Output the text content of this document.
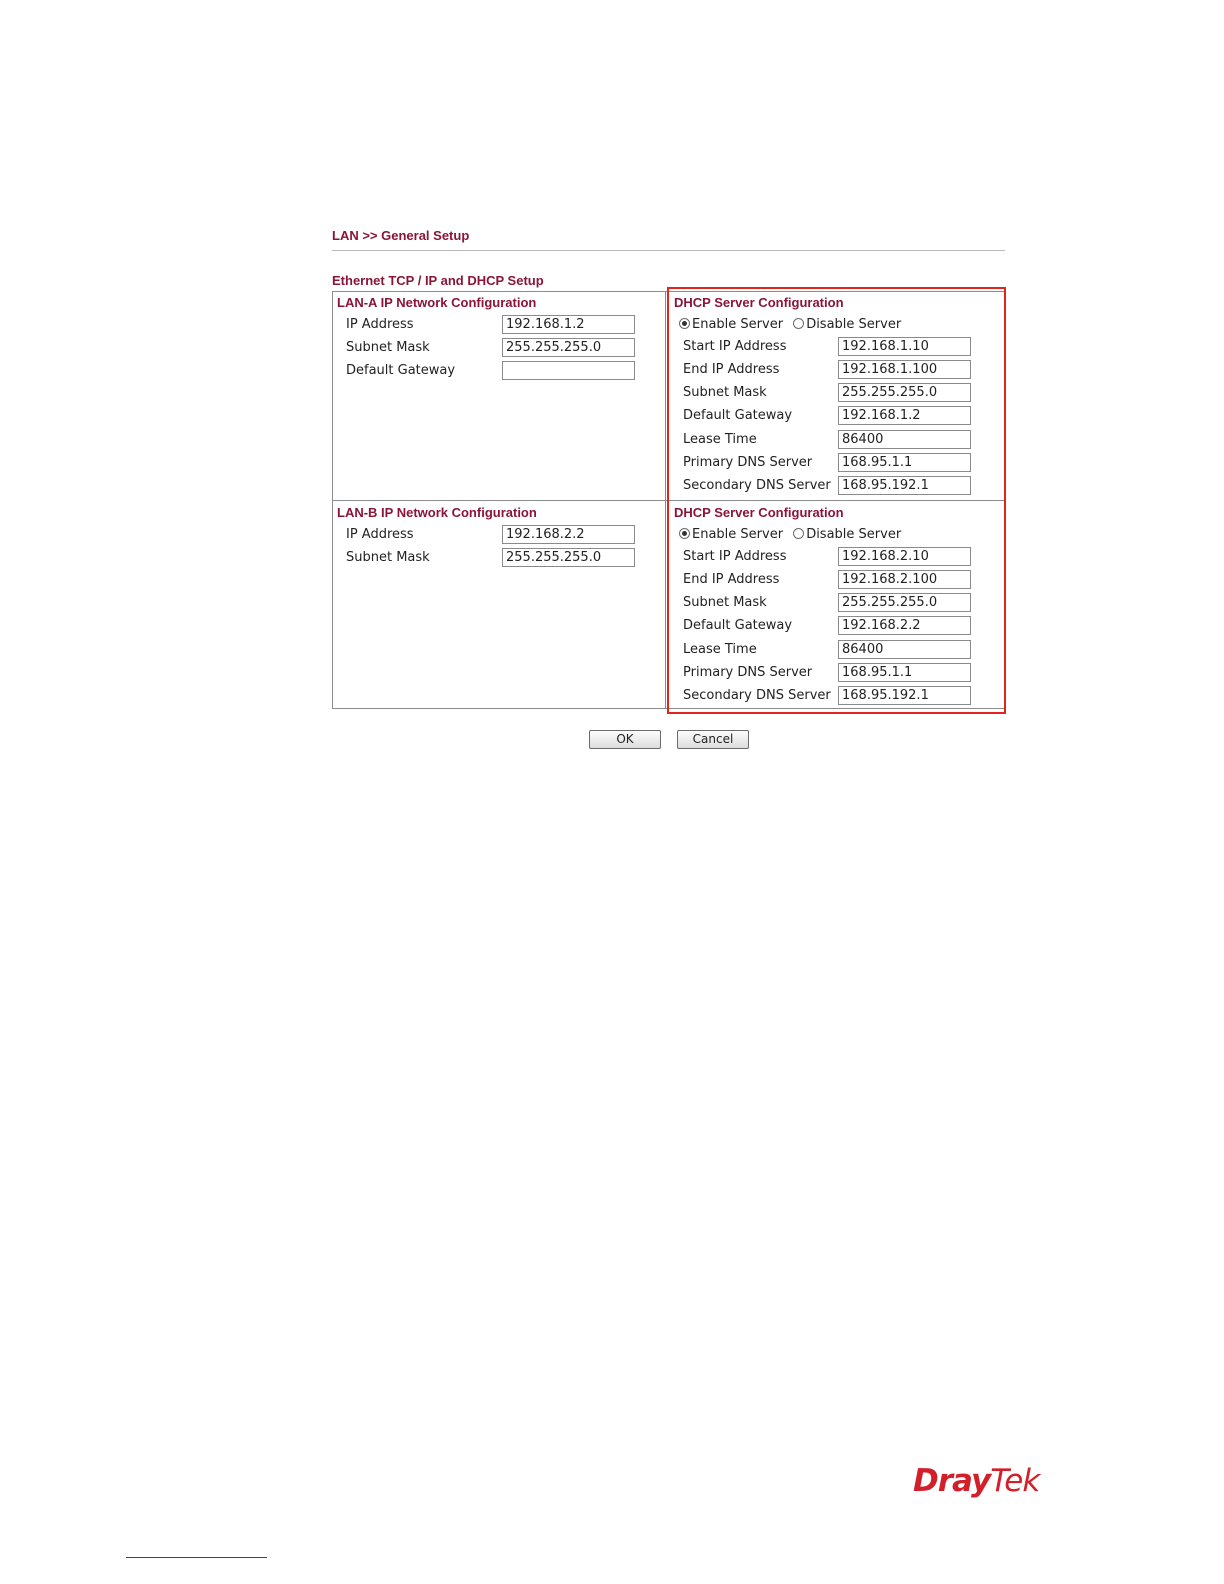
LAN >> General Setup
Ethernet TCP / IP and DHCP Setup
LAN-A IP Network Configuration
IP Address
192.168.1.2
Subnet Mask
255.255.255.0
Default Gateway
DHCP Server Configuration
Enable Server Disable Server
Start IP Address
192.168.1.10
End IP Address
192.168.1.100
Subnet Mask
255.255.255.0
Default Gateway
192.168.1.2
Lease Time
86400
Primary DNS Server
168.95.1.1
Secondary DNS Server
168.95.192.1
LAN-B IP Network Configuration
IP Address
192.168.2.2
Subnet Mask
255.255.255.0
DHCP Server Configuration
Enable Server Disable Server
Start IP Address
192.168.2.10
End IP Address
192.168.2.100
Subnet Mask
255.255.255.0
Default Gateway
192.168.2.2
Lease Time
86400
Primary DNS Server
168.95.1.1
Secondary DNS Server
168.95.192.1
OK	Cancel
DrayTek
